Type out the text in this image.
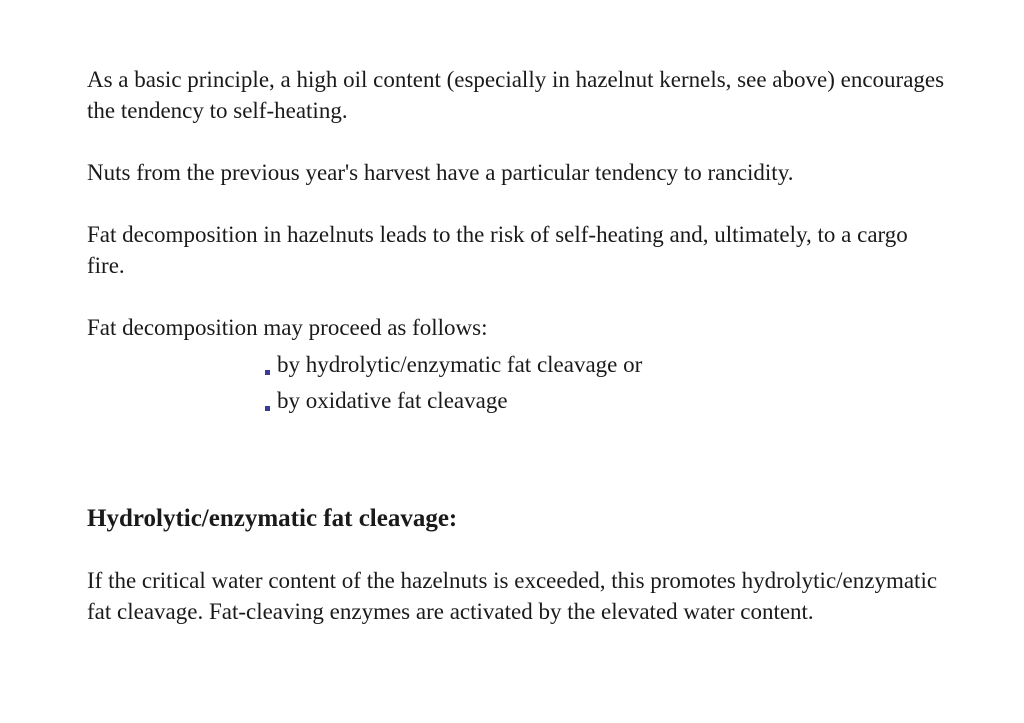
As a basic principle, a high oil content (especially in hazelnut kernels, see above) encourages the tendency to self-heating.

Nuts from the previous year's harvest have a particular tendency to rancidity.

Fat decomposition in hazelnuts leads to the risk of self-heating and, ultimately, to a cargo fire.

Fat decomposition may proceed as follows:

by hydrolytic/enzymatic fat cleavage or
by oxidative fat cleavage
Hydrolytic/enzymatic fat cleavage:

If the critical water content of the hazelnuts is exceeded, this promotes hydrolytic/enzymatic fat cleavage. Fat-cleaving enzymes are activated by the elevated water content.
